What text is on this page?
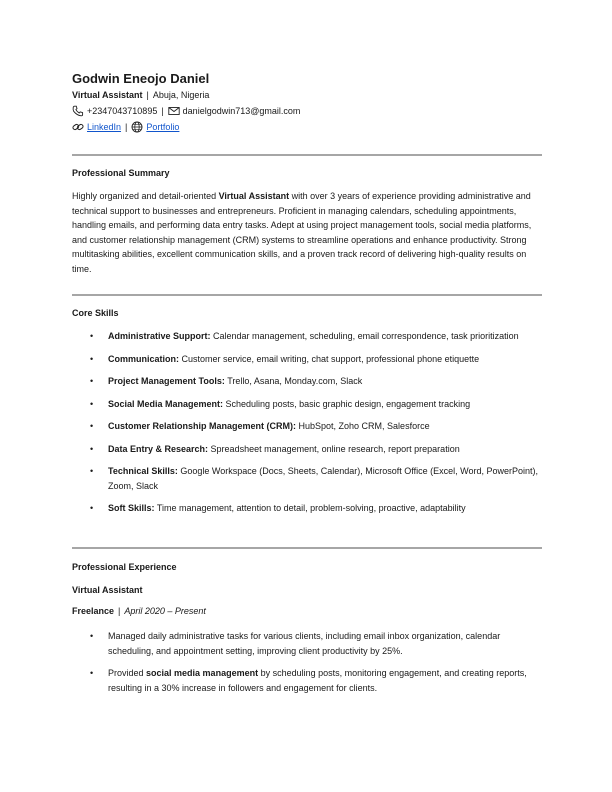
Godwin Eneojo Daniel

Virtual Assistant | Abuja, Nigeria
+2347043710895 | danielgodwin713@gmail.com
LinkedIn | Portfolio
Professional Summary
Highly organized and detail-oriented Virtual Assistant with over 3 years of experience providing administrative and technical support to businesses and entrepreneurs. Proficient in managing calendars, scheduling appointments, handling emails, and performing data entry tasks. Adept at using project management tools, social media platforms, and customer relationship management (CRM) systems to streamline operations and enhance productivity. Strong multitasking abilities, excellent communication skills, and a proven track record of delivering high-quality results on time.
Core Skills
• Administrative Support: Calendar management, scheduling, email correspondence, task prioritization
• Communication: Customer service, email writing, chat support, professional phone etiquette
• Project Management Tools: Trello, Asana, Monday.com, Slack
• Social Media Management: Scheduling posts, basic graphic design, engagement tracking
• Customer Relationship Management (CRM): HubSpot, Zoho CRM, Salesforce
• Data Entry & Research: Spreadsheet management, online research, report preparation
• Technical Skills: Google Workspace (Docs, Sheets, Calendar), Microsoft Office (Excel, Word, PowerPoint), Zoom, Slack
• Soft Skills: Time management, attention to detail, problem-solving, proactive, adaptability
Professional Experience
Virtual Assistant
Freelance | April 2020 – Present
• Managed daily administrative tasks for various clients, including email inbox organization, calendar scheduling, and appointment setting, improving client productivity by 25%.
• Provided social media management by scheduling posts, monitoring engagement, and creating reports, resulting in a 30% increase in followers and engagement for clients.
